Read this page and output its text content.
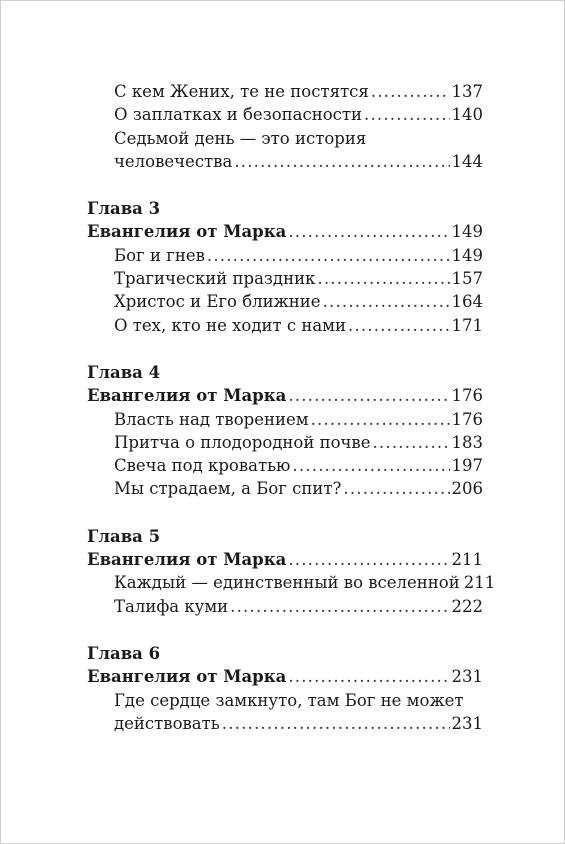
С кем Жених, те не постятся .....	137
О заплатках и безопасности .....	140
Седьмой день — это история
человечества .....	144
Глава 3
Евангелия от Марка .....	149
Бог и гнев .....	149
Трагический праздник .....	157
Христос и Его ближние .....	164
О тех, кто не ходит с нами .....	171
Глава 4
Евангелия от Марка .....	176
Власть над творением .....	176
Притча о плодородной почве .....	183
Свеча под кроватью .....	197
Мы страдаем, а Бог спит? .....	206
Глава 5
Евангелия от Марка .....	211
Каждый — единственный во вселенной 211
Талифа куми .....	222
Глава 6
Евангелия от Марка .....	231
Где сердце замкнуто, там Бог не может
действовать .....	231
